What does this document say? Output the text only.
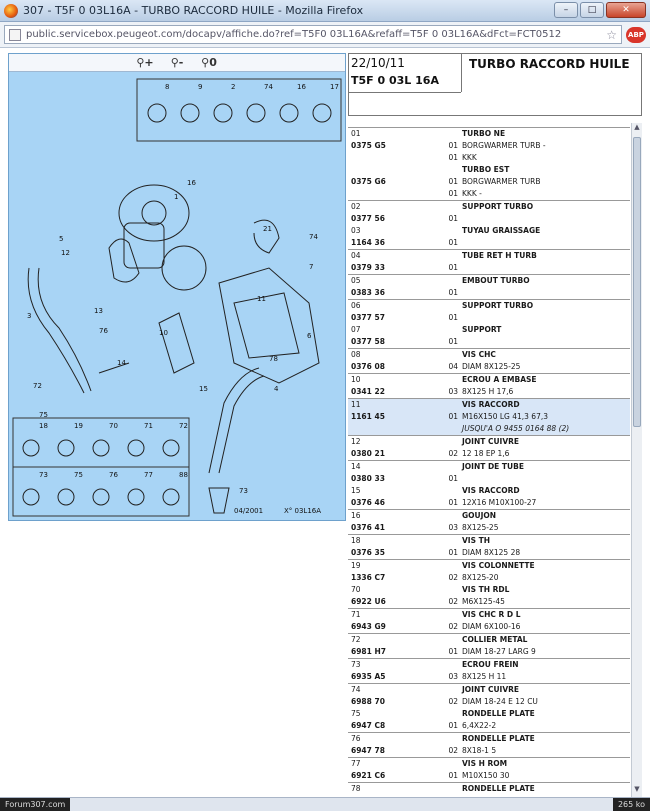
307 - T5F 0 03L16A - TURBO RACCORD HUILE - Mozilla Firefox	–	□	✕
public.servicebox.peugeot.com/docapv/affiche.do?ref=T5F0 03L16A&refaff=T5F 0 03L16A&dFct=FCT0512	☆ ABP
⚲+	⚲-	⚲ 0
8	9	2	74	16	17
18	19	70	71	72
73	75	76	77	88
1
3
4
5
6
7
10
11
12
13
14
15
16
21
72
73
74
75
76
78
04/2001	X° 03L16A
22/10/11
T5F 0 03L 16A
TURBO RACCORD HUILE
01	TURBO NE
0375 G5	01 BORGWARMER TURB -
01 KKK
TURBO EST
0375 G6	01 BORGWARMER TURB
01 KKK -
02	SUPPORT TURBO
0377 56	01
03	TUYAU GRAISSAGE
1164 36	01
04	TUBE RET H TURB
0379 33	01
05	EMBOUT TURBO
0383 36	01
06	SUPPORT TURBO
0377 57	01
07	SUPPORT
0377 58	01
08	VIS CHC
0376 08	04 DIAM 8X125-25
10	ECROU A EMBASE
0341 22	03 8X125 H 17,6
11	VIS RACCORD
1161 45	01 M16X150 LG 41,3 67,3
JUSQU'A O 9455 0164 88 (2)
12	JOINT CUIVRE
0380 21	02 12 18 EP 1,6
14	JOINT DE TUBE
0380 33	01
15	VIS RACCORD
0376 46	01 12X16 M10X100-27
16	GOUJON
0376 41	03 8X125-25
18	VIS TH
0376 35	01 DIAM 8X125 28
19	VIS COLONNETTE
1336 C7	02 8X125-20
70	VIS TH RDL
6922 U6	02 M6X125-45
71	VIS CHC R D L
6943 G9	02 DIAM 6X100-16
72	COLLIER METAL
6981 H7	01 DIAM 18-27 LARG 9
73	ECROU FREIN
6935 A5	03 8X125 H 11
74	JOINT CUIVRE
6988 70	02 DIAM 18-24 E 12 CU
75	RONDELLE PLATE
6947 C8	01 6,4X22-2
76	RONDELLE PLATE
6947 78	02 8X18-1 5
77	VIS H ROM
6921 C6	01 M10X150 30
78	RONDELLE PLATE
▲
▼
Forum307.com	265 ko
